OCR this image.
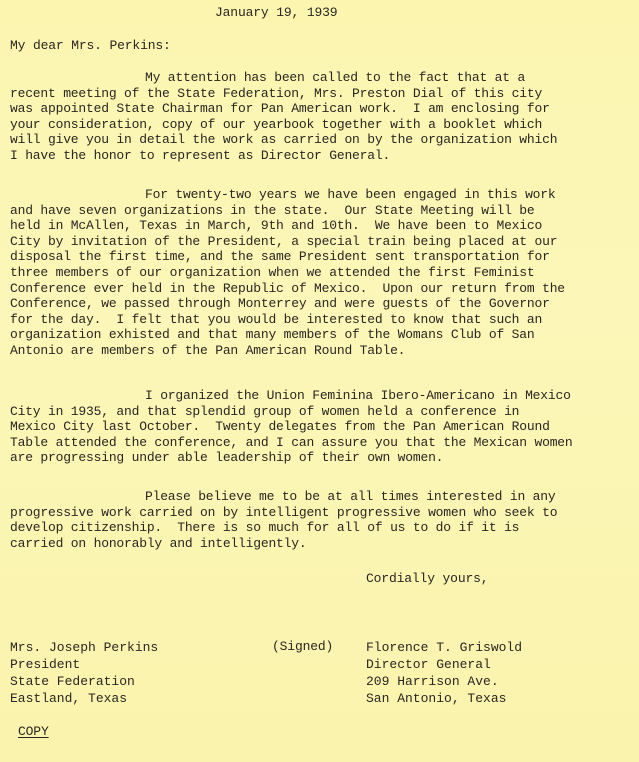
January 19, 1939
My dear Mrs. Perkins:
My attention has been called to the fact that at a
recent meeting of the State Federation, Mrs. Preston Dial of this city
was appointed State Chairman for Pan American work.  I am enclosing for
your consideration, copy of our yearbook together with a booklet which
will give you in detail the work as carried on by the organization which
I have the honor to represent as Director General.
For twenty-two years we have been engaged in this work
and have seven organizations in the state.  Our State Meeting will be
held in McAllen, Texas in March, 9th and 10th.  We have been to Mexico
City by invitation of the President, a special train being placed at our
disposal the first time, and the same President sent transportation for
three members of our organization when we attended the first Feminist
Conference ever held in the Republic of Mexico.  Upon our return from the
Conference, we passed through Monterrey and were guests of the Governor
for the day.  I felt that you would be interested to know that such an
organization exhisted and that many members of the Womans Club of San
Antonio are members of the Pan American Round Table.
I organized the Union Feminina Ibero-Americano in Mexico
City in 1935, and that splendid group of women held a conference in
Mexico City last October.  Twenty delegates from the Pan American Round
Table attended the conference, and I can assure you that the Mexican women
are progressing under able leadership of their own women.
Please believe me to be at all times interested in any
progressive work carried on by intelligent progressive women who seek to
develop citizenship.  There is so much for all of us to do if it is
carried on honorably and intelligently.
Cordially yours,
Mrs. Joseph Perkins
President
State Federation
Eastland, Texas
(Signed)	Florence T. Griswold
Director General
209 Harrison Ave.
San Antonio, Texas
COPY
